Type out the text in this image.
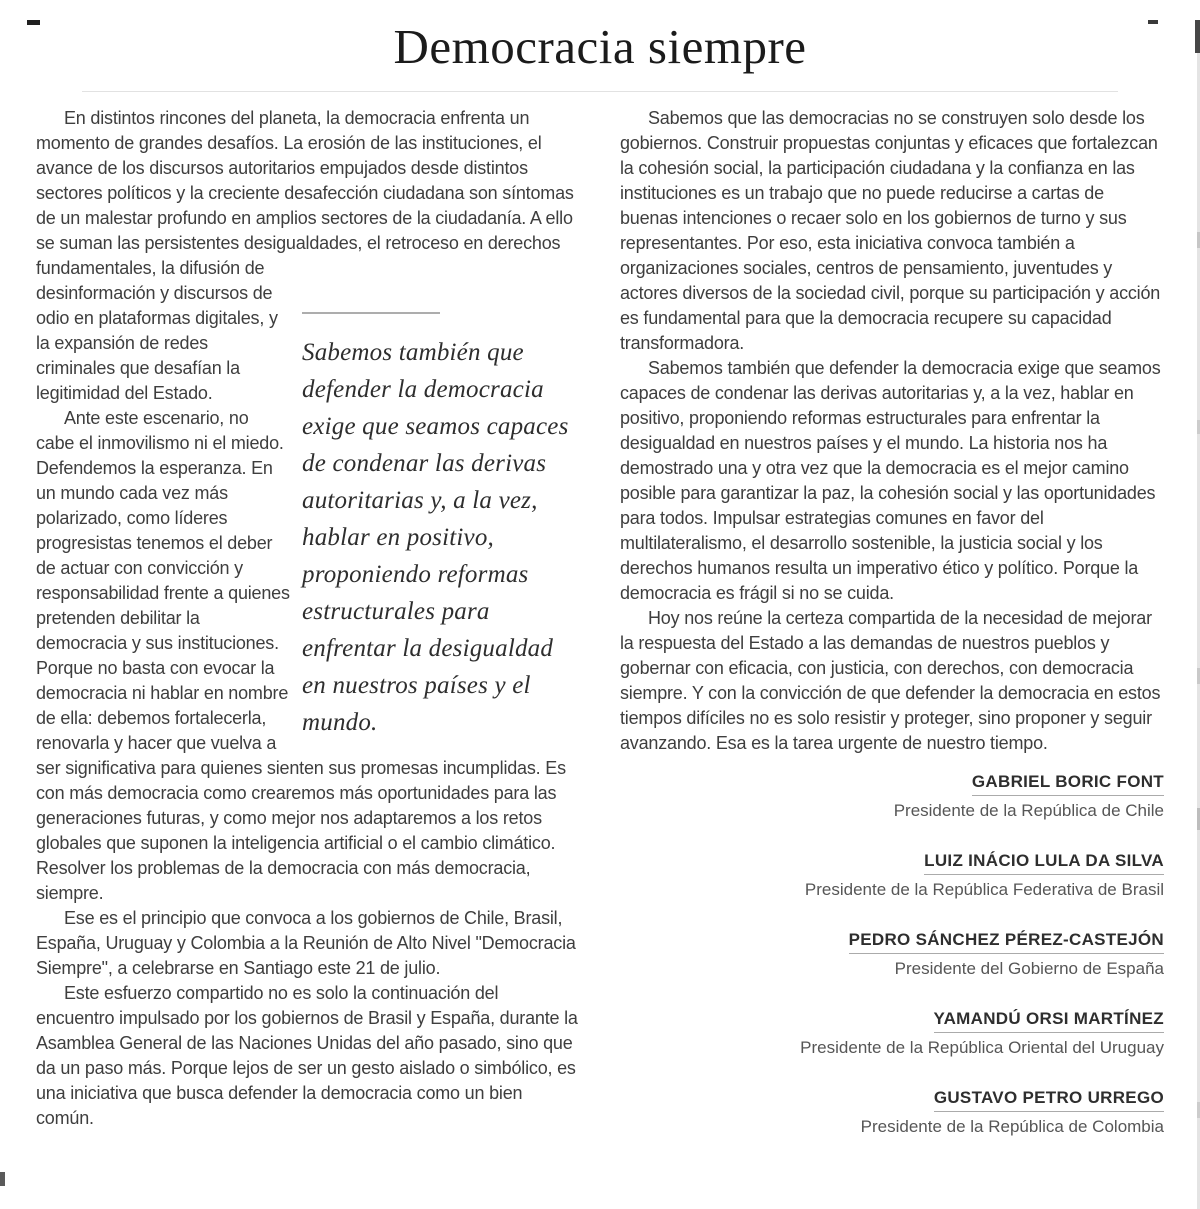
Democracia siempre

En distintos rincones del planeta, la democracia enfrenta un momento de grandes desafíos. La erosión de las instituciones, el avance de los discursos autoritarios empujados desde distintos sectores políticos y la creciente desafección ciudadana son síntomas de un malestar profundo en amplios sectores de la ciudadanía. A ello se suman las persistentes desigualdades, el retroceso en derechos

Sabemos también que defender la democracia exige que seamos capaces de condenar las derivas autoritarias y, a la vez, hablar en positivo, proponiendo reformas estructurales para enfrentar la desigualdad en nuestros países y el mundo.

fundamentales, la difusión de desinformación y discursos de odio en plataformas digitales, y la expansión de redes criminales que desafían la legitimidad del Estado.

Ante este escenario, no cabe el inmovilismo ni el miedo. Defendemos la esperanza. En un mundo cada vez más polarizado, como líderes progresistas tenemos el deber de actuar con convicción y responsabilidad frente a quienes pretenden debilitar la democracia y sus instituciones. Porque no basta con evocar la democracia ni hablar en nombre de ella: debemos fortalecerla, renovarla y hacer que vuelva a ser significativa para quienes sienten sus promesas incumplidas. Es con más democracia como crearemos más oportunidades para las generaciones futuras, y como mejor nos adaptaremos a los retos globales que suponen la inteligencia artificial o el cambio climático. Resolver los problemas de la democracia con más democracia, siempre.

Ese es el principio que convoca a los gobiernos de Chile, Brasil, España, Uruguay y Colombia a la Reunión de Alto Nivel "Democracia Siempre", a celebrarse en Santiago este 21 de julio.

Este esfuerzo compartido no es solo la continuación del encuentro impulsado por los gobiernos de Brasil y España, durante la Asamblea General de las Naciones Unidas del año pasado, sino que da un paso más. Porque lejos de ser un gesto aislado o simbólico, es una iniciativa que busca defender la democracia como un bien común.

Sabemos que las democracias no se construyen solo desde los gobiernos. Construir propuestas conjuntas y eficaces que fortalezcan la cohesión social, la participación ciudadana y la confianza en las instituciones es un trabajo que no puede reducirse a cartas de buenas intenciones o recaer solo en los gobiernos de turno y sus representantes. Por eso, esta iniciativa convoca también a organizaciones sociales, centros de pensamiento, juventudes y actores diversos de la sociedad civil, porque su participación y acción es fundamental para que la democracia recupere su capacidad transformadora.

Sabemos también que defender la democracia exige que seamos capaces de condenar las derivas autoritarias y, a la vez, hablar en positivo, proponiendo reformas estructurales para enfrentar la desigualdad en nuestros países y el mundo. La historia nos ha demostrado una y otra vez que la democracia es el mejor camino posible para garantizar la paz, la cohesión social y las oportunidades para todos. Impulsar estrategias comunes en favor del multilateralismo, el desarrollo sostenible, la justicia social y los derechos humanos resulta un imperativo ético y político. Porque la democracia es frágil si no se cuida.

Hoy nos reúne la certeza compartida de la necesidad de mejorar la respuesta del Estado a las demandas de nuestros pueblos y gobernar con eficacia, con justicia, con derechos, con democracia siempre. Y con la convicción de que defender la democracia en estos tiempos difíciles no es solo resistir y proteger, sino proponer y seguir avanzando. Esa es la tarea urgente de nuestro tiempo.

GABRIEL BORIC FONT
Presidente de la República de Chile
LUIZ INÁCIO LULA DA SILVA
Presidente de la República Federativa de Brasil
PEDRO SÁNCHEZ PÉREZ-CASTEJÓN
Presidente del Gobierno de España
YAMANDÚ ORSI MARTÍNEZ
Presidente de la República Oriental del Uruguay
GUSTAVO PETRO URREGO
Presidente de la República de Colombia
